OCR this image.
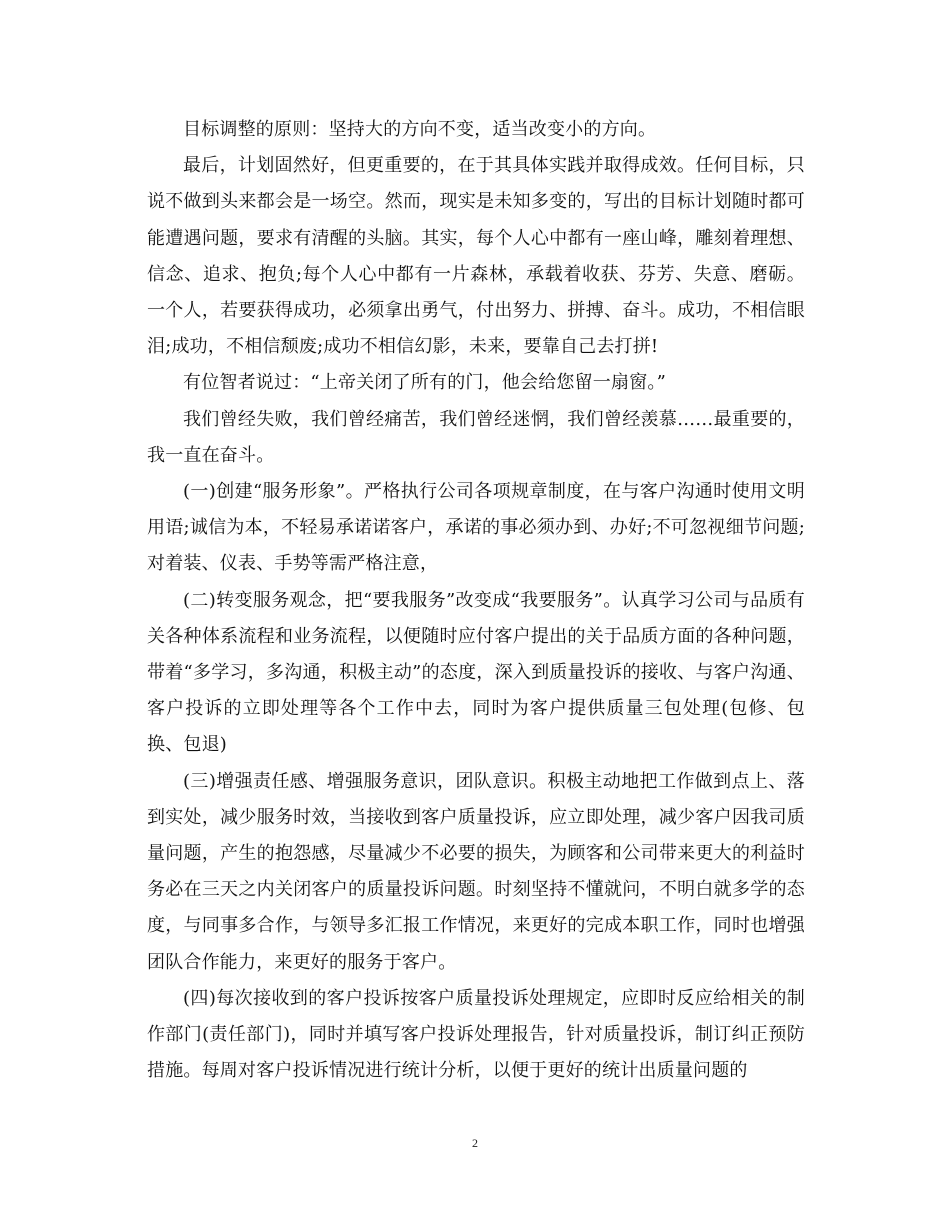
目标调整的原则：坚持大的方向不变，适当改变小的方向。

最后，计划固然好，但更重要的，在于其具体实践并取得成效。任何目标，只说不做到头来都会是一场空。然而，现实是未知多变的，写出的目标计划随时都可能遭遇问题，要求有清醒的头脑。其实，每个人心中都有一座山峰，雕刻着理想、信念、追求、抱负;每个人心中都有一片森林，承载着收获、芬芳、失意、磨砺。一个人，若要获得成功，必须拿出勇气，付出努力、拼搏、奋斗。成功，不相信眼泪;成功，不相信颓废;成功不相信幻影，未来，要靠自己去打拼!

有位智者说过：“上帝关闭了所有的门，他会给您留一扇窗。”

我们曾经失败，我们曾经痛苦，我们曾经迷惘，我们曾经羡慕……最重要的，我一直在奋斗。

(一)创建“服务形象”。严格执行公司各项规章制度，在与客户沟通时使用文明用语;诚信为本，不轻易承诺诺客户，承诺的事必须办到、办好;不可忽视细节问题;对着装、仪表、手势等需严格注意，

(二)转变服务观念，把“要我服务”改变成“我要服务”。认真学习公司与品质有关各种体系流程和业务流程，以便随时应付客户提出的关于品质方面的各种问题，带着“多学习，多沟通，积极主动”的态度，深入到质量投诉的接收、与客户沟通、客户投诉的立即处理等各个工作中去，同时为客户提供质量三包处理(包修、包换、包退)

(三)增强责任感、增强服务意识，团队意识。积极主动地把工作做到点上、落到实处，减少服务时效，当接收到客户质量投诉，应立即处理，减少客户因我司质量问题，产生的抱怨感，尽量减少不必要的损失，为顾客和公司带来更大的利益时务必在三天之内关闭客户的质量投诉问题。时刻坚持不懂就问，不明白就多学的态度，与同事多合作，与领导多汇报工作情况，来更好的完成本职工作，同时也增强团队合作能力，来更好的服务于客户。

(四)每次接收到的客户投诉按客户质量投诉处理规定，应即时反应给相关的制作部门(责任部门)，同时并填写客户投诉处理报告，针对质量投诉，制订纠正预防措施。每周对客户投诉情况进行统计分析，以便于更好的统计出质量问题的

2
